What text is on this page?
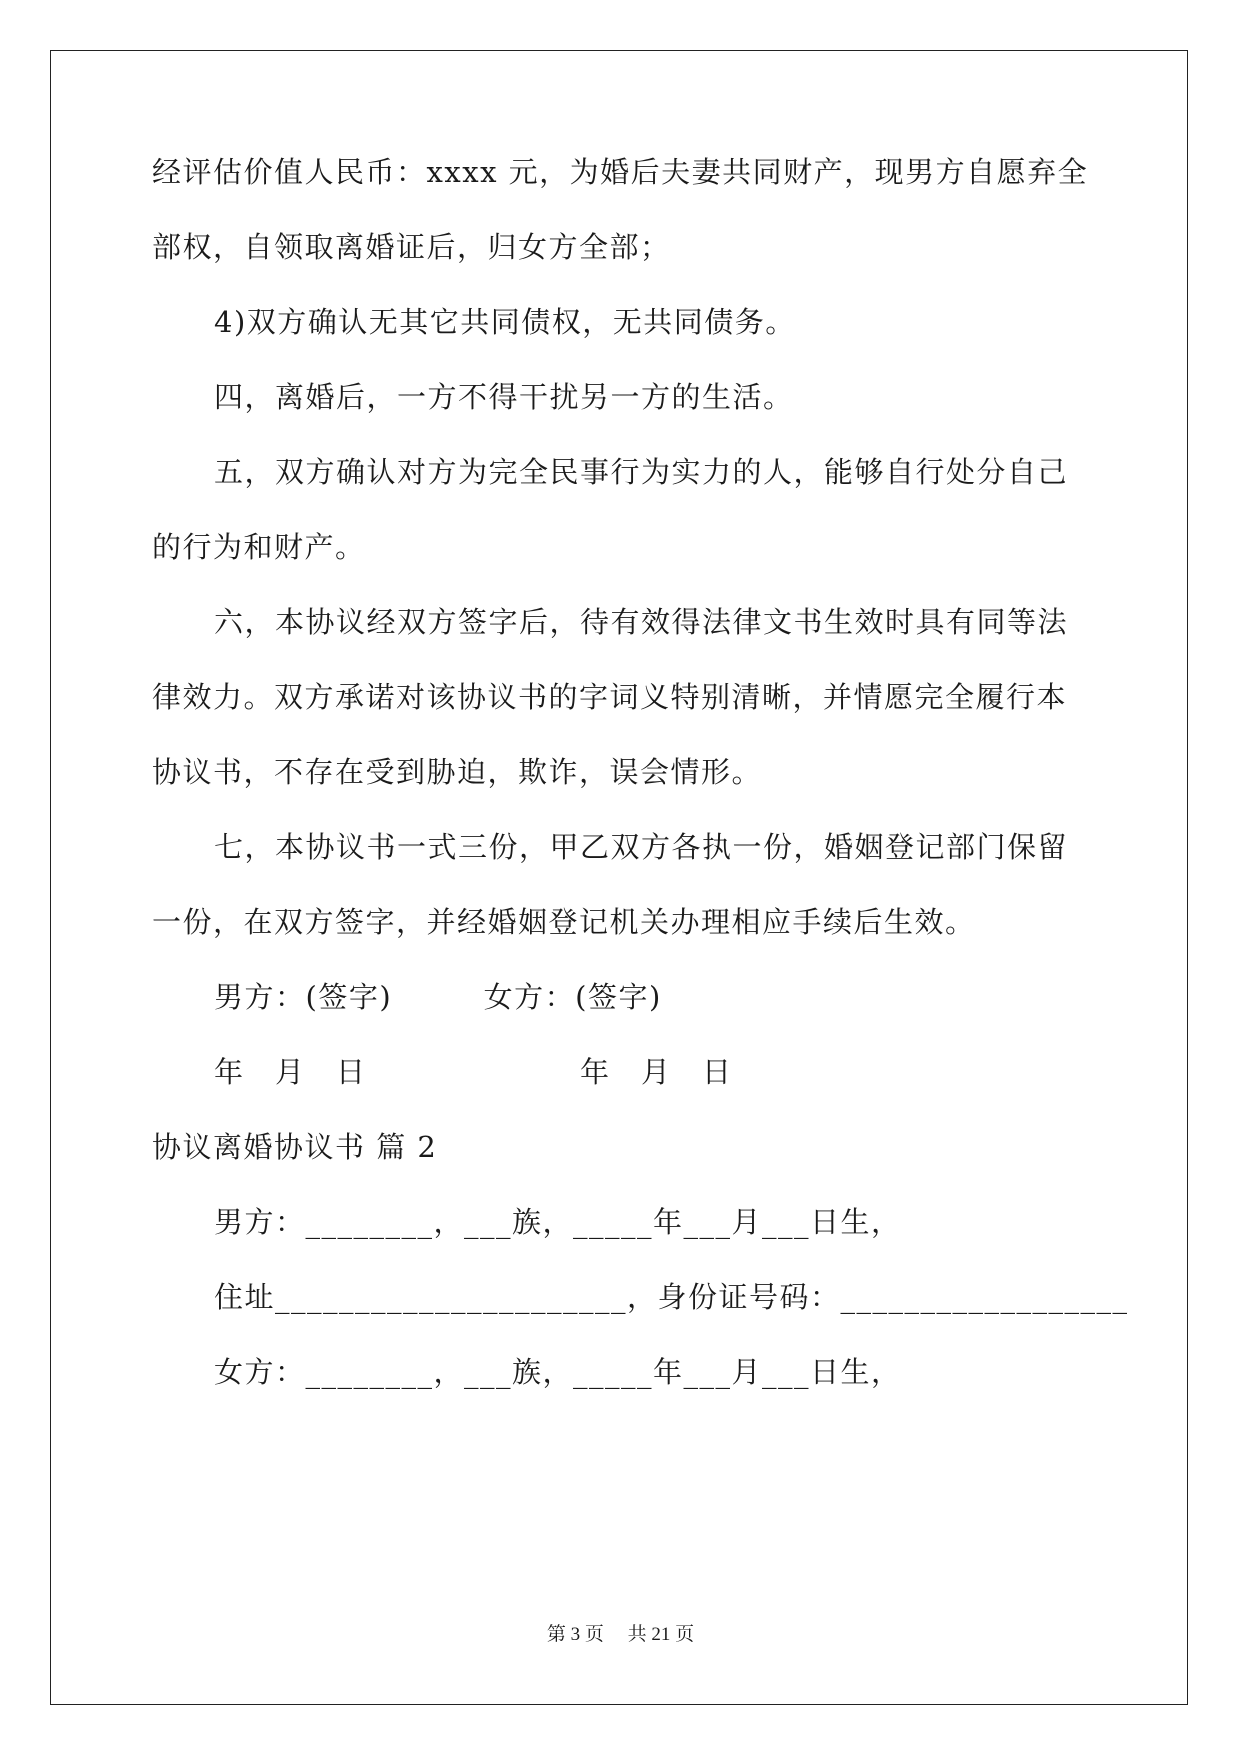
经评估价值人民币：xxxx 元，为婚后夫妻共同财产，现男方自愿弃全
部权，自领取离婚证后，归女方全部；
4)双方确认无其它共同债权，无共同债务。
四，离婚后，一方不得干扰另一方的生活。
五，双方确认对方为完全民事行为实力的人，能够自行处分自己
的行为和财产。
六，本协议经双方签字后，待有效得法律文书生效时具有同等法
律效力。双方承诺对该协议书的字词义特别清晰，并情愿完全履行本
协议书，不存在受到胁迫，欺诈，误会情形。
七，本协议书一式三份，甲乙双方各执一份，婚姻登记部门保留
一份，在双方签字，并经婚姻登记机关办理相应手续后生效。
男方：(签字)　　　女方：(签字)
年　月　日　　　　　　　年　月　日
协议离婚协议书 篇 2
男方：________，___族，_____年___月___日生，
住址______________________，身份证号码：__________________
女方：________，___族，_____年___月___日生，
第 3 页　 共 21 页
